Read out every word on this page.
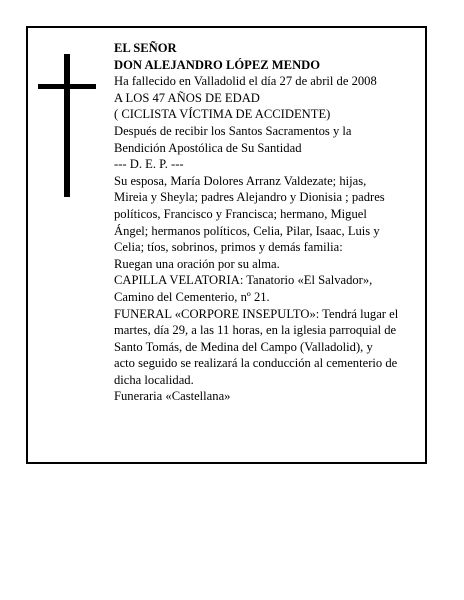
EL SEÑOR

DON ALEJANDRO LÓPEZ MENDO

Ha fallecido en Valladolid el día 27 de abril de 2008

A LOS 47 AÑOS DE EDAD

( CICLISTA VÍCTIMA DE ACCIDENTE)

Después de recibir los Santos Sacramentos y la

Bendición Apostólica de Su Santidad

--- D. E. P. ---

Su esposa, María Dolores Arranz Valdezate; hijas,

Mireia y Sheyla; padres Alejandro y Dionisia ; padres

políticos, Francisco y Francisca; hermano, Miguel

Ángel; hermanos políticos, Celia, Pilar, Isaac, Luis y

Celia; tíos, sobrinos, primos y demás familia:

Ruegan una oración por su alma.

CAPILLA VELATORIA: Tanatorio «El Salvador»,

Camino del Cementerio, nº 21.

FUNERAL «CORPORE INSEPULTO»: Tendrá lugar el

martes, día 29, a las 11 horas, en la iglesia parroquial de

Santo Tomás, de Medina del Campo (Valladolid), y

acto seguido se realizará la conducción al cementerio de

dicha localidad.

Funeraria «Castellana»
